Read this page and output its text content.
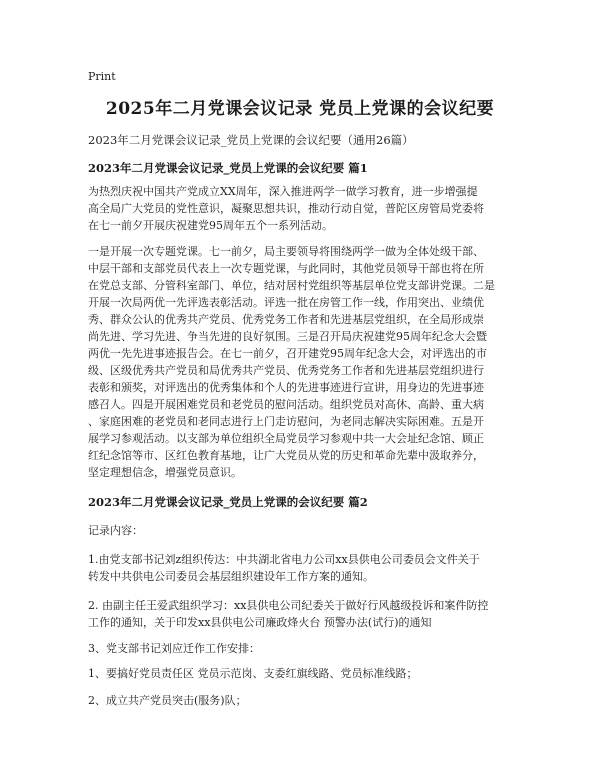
Print
2025年二月党课会议记录 党员上党课的会议纪要
2023年二月党课会议记录_党员上党课的会议纪要（通用26篇）
2023年二月党课会议记录_党员上党课的会议纪要 篇1
为热烈庆祝中国共产党成立XX周年，深入推进两学一做学习教育，进一步增强提
高全局广大党员的党性意识，凝聚思想共识，推动行动自觉，普陀区房管局党委将
在七一前夕开展庆祝建党95周年五个一系列活动。
一是开展一次专题党课。七一前夕，局主要领导将围绕两学一做为全体处级干部、
中层干部和支部党员代表上一次专题党课，与此同时，其他党员领导干部也将在所
在党总支部、分管科室部门、单位，结对居村党组织等基层单位党支部讲党课。二是
开展一次局两优一先评选表彰活动。评选一批在房管工作一线，作用突出、业绩优
秀、群众公认的优秀共产党员、优秀党务工作者和先进基层党组织，在全局形成崇
尚先进、学习先进、争当先进的良好氛围。三是召开局庆祝建党95周年纪念大会暨
两优一先先进事迹报告会。在七一前夕，召开建党95周年纪念大会，对评选出的市
级、区级优秀共产党员和局优秀共产党员、优秀党务工作者和先进基层党组织进行
表彰和颁奖，对评选出的优秀集体和个人的先进事迹进行宣讲，用身边的先进事迹
感召人。四是开展困难党员和老党员的慰问活动。组织党员对高休、高龄、重大病
、家庭困难的老党员和老同志进行上门走访慰问，为老同志解决实际困难。五是开
展学习参观活动。以支部为单位组织全局党员学习参观中共一大会址纪念馆、顾正
红纪念馆等市、区红色教育基地，让广大党员从党的历史和革命先辈中汲取养分，
坚定理想信念，增强党员意识。
2023年二月党课会议记录_党员上党课的会议纪要 篇2
记录内容：
1.由党支部书记刘z组织传达：中共湖北省电力公司xx县供电公司委员会文件关于
转发中共供电公司委员会基层组织建设年工作方案的通知。
2. 由副主任王爱武组织学习：xx县供电公司纪委关于做好行风越级投诉和案件防控
工作的通知，关于印发xx县供电公司廉政烽火台 预警办法(试行)的通知
3、党支部书记刘应迁作工作安排：
1、要搞好党员责任区 党员示范岗、支委红旗线路、党员标准线路；
2、成立共产党员突击(服务)队；
